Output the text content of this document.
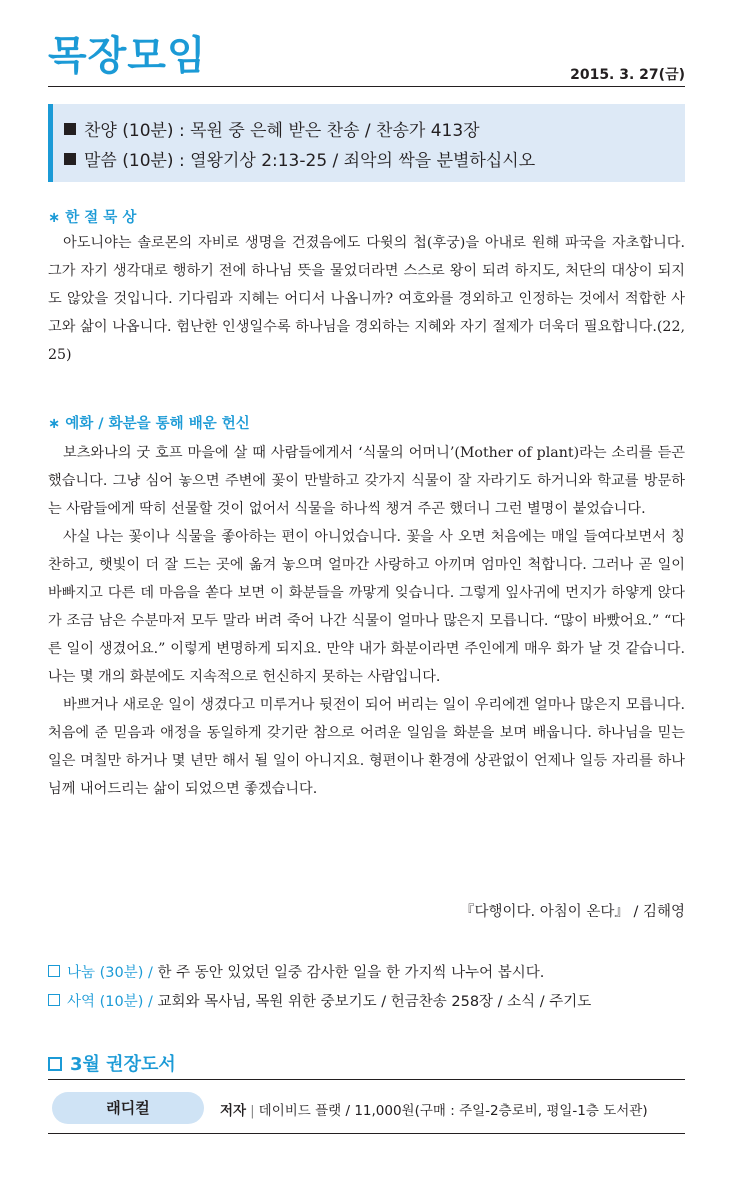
목장모임	2015. 3. 27(금)
찬양 (10분) : 목원 중 은혜 받은 찬송 / 찬송가 413장
말씀 (10분) : 열왕기상 2:13-25 / 죄악의 싹을 분별하십시오
∗ 한 절 묵 상

아도니야는 솔로몬의 자비로 생명을 건졌음에도 다윗의 첩(후궁)을 아내로 원해 파국을 자초합니다. 그가 자기 생각대로 행하기 전에 하나님 뜻을 물었더라면 스스로 왕이 되려 하지도, 처단의 대상이 되지도 않았을 것입니다. 기다림과 지혜는 어디서 나옵니까? 여호와를 경외하고 인정하는 것에서 적합한 사고와 삶이 나옵니다. 험난한 인생일수록 하나님을 경외하는 지혜와 자기 절제가 더욱더 필요합니다.(22, 25)

∗ 예화 / 화분을 통해 배운 헌신

보츠와나의 굿 호프 마을에 살 때 사람들에게서 ‘식물의 어머니’(Mother of plant)라는 소리를 듣곤 했습니다. 그냥 심어 놓으면 주변에 꽃이 만발하고 갖가지 식물이 잘 자라기도 하거니와 학교를 방문하는 사람들에게 딱히 선물할 것이 없어서 식물을 하나씩 챙겨 주곤 했더니 그런 별명이 붙었습니다.

사실 나는 꽃이나 식물을 좋아하는 편이 아니었습니다. 꽃을 사 오면 처음에는 매일 들여다보면서 칭찬하고, 햇빛이 더 잘 드는 곳에 옮겨 놓으며 얼마간 사랑하고 아끼며 엄마인 척합니다. 그러나 곧 일이 바빠지고 다른 데 마음을 쏟다 보면 이 화분들을 까맣게 잊습니다. 그렇게 잎사귀에 먼지가 하얗게 앉다가 조금 남은 수분마저 모두 말라 버려 죽어 나간 식물이 얼마나 많은지 모릅니다. “많이 바빴어요.” “다른 일이 생겼어요.” 이렇게 변명하게 되지요. 만약 내가 화분이라면 주인에게 매우 화가 날 것 같습니다. 나는 몇 개의 화분에도 지속적으로 헌신하지 못하는 사람입니다.

바쁘거나 새로운 일이 생겼다고 미루거나 뒷전이 되어 버리는 일이 우리에겐 얼마나 많은지 모릅니다. 처음에 준 믿음과 애정을 동일하게 갖기란 참으로 어려운 일임을 화분을 보며 배웁니다. 하나님을 믿는 일은 며칠만 하거나 몇 년만 해서 될 일이 아니지요. 형편이나 환경에 상관없이 언제나 일등 자리를 하나님께 내어드리는 삶이 되었으면 좋겠습니다.

『다행이다. 아침이 온다』 / 김해영
나눔 (30분) / 한 주 동안 있었던 일중 감사한 일을 한 가지씩 나누어 봅시다.
사역 (10분) / 교회와 목사님, 목원 위한 중보기도 / 헌금찬송 258장 / 소식 / 주기도
3월 권장도서
래디컬	저자 | 데이비드 플랫 / 11,000원(구매 : 주일-2층로비, 평일-1층 도서관)
